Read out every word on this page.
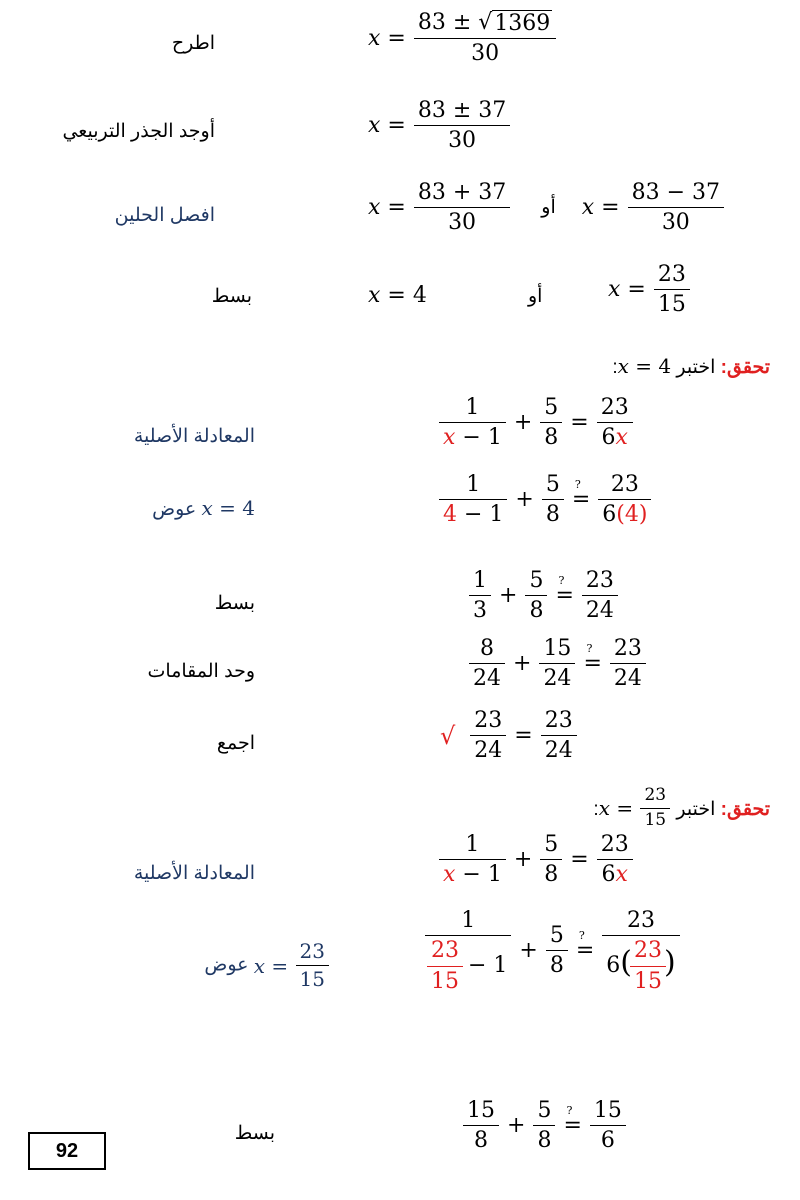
اطرح	$x = \frac{83 \pm √ 1369}{30}$
أوجد الجذر التربيعي	$x = \frac{83 \pm 37}{30}$
افصل الحلين	$x = \frac{83 + 37}{30}$ أو $x = \frac{83 - 37}{30}$
بسط	x = 4	أو	$x = \frac{23}{15}$
تحقق: اختبر
x = 4:
المعادلة الأصلية	$\frac{1}{x - 1} + \frac{5}{8} = \frac{23}{6x}$
عوض x = 4	$\frac{1}{4 - 1} + \frac{5}{8}$ ? = $\frac{23}{6(4)}$
بسط	$\frac{1}{3} + \frac{5}{8}$ ? = $\frac{23}{24}$
وحد المقامات	$\frac{8}{24} + \frac{15}{24}$ ? = $\frac{23}{24}$
اجمع	√ $\frac{23}{24} = \frac{23}{24}$
تحقق: اختبر
$x = \frac{23}{15}$
:
المعادلة الأصلية	$\frac{1}{x - 1} + \frac{5}{8} = \frac{23}{6x}$
عوض $x = \frac{23}{15}$	$\frac{1}{\frac{23}{15} - 1} + \frac{5}{8}$ ? = $\frac{23}{6( \frac{23}{15} )}$
بسط	$\frac{15}{8} + \frac{5}{8}$ ? = $\frac{15}{6}$
92
